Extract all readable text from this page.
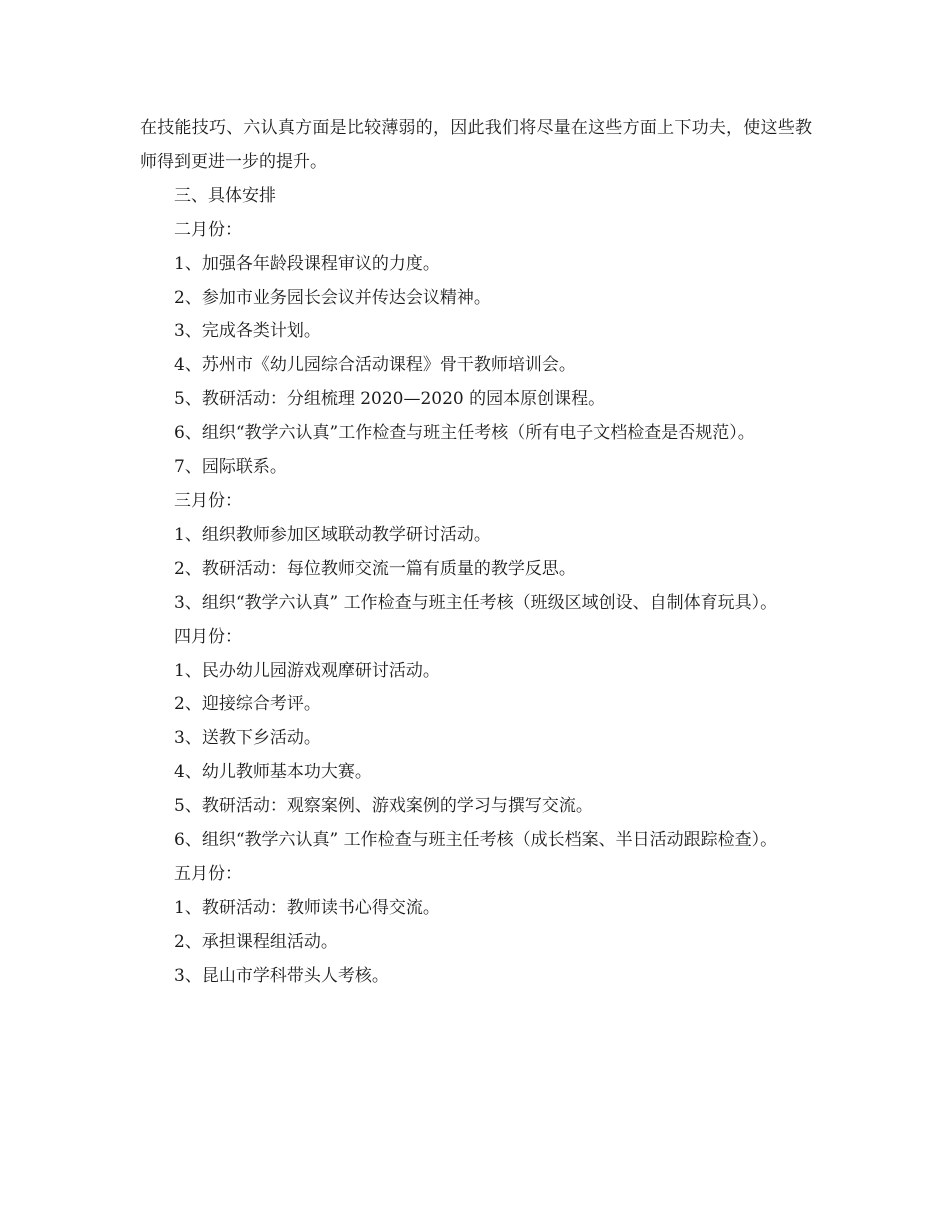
在技能技巧、六认真方面是比较薄弱的，因此我们将尽量在这些方面上下功夫，使这些教师得到更进一步的提升。

三、具体安排

二月份：

1、加强各年龄段课程审议的力度。

2、参加市业务园长会议并传达会议精神。

3、完成各类计划。

4、苏州市《幼儿园综合活动课程》骨干教师培训会。

5、教研活动：分组梳理 2020—2020 的园本原创课程。

6、组织“教学六认真”工作检查与班主任考核（所有电子文档检查是否规范）。

7、园际联系。

三月份：

1、组织教师参加区域联动教学研讨活动。

2、教研活动：每位教师交流一篇有质量的教学反思。

3、组织“教学六认真” 工作检查与班主任考核（班级区域创设、自制体育玩具）。

四月份：

1、民办幼儿园游戏观摩研讨活动。

2、迎接综合考评。

3、送教下乡活动。

4、幼儿教师基本功大赛。

5、教研活动：观察案例、游戏案例的学习与撰写交流。

6、组织“教学六认真” 工作检查与班主任考核（成长档案、半日活动跟踪检查）。

五月份：

1、教研活动：教师读书心得交流。

2、承担课程组活动。

3、昆山市学科带头人考核。
